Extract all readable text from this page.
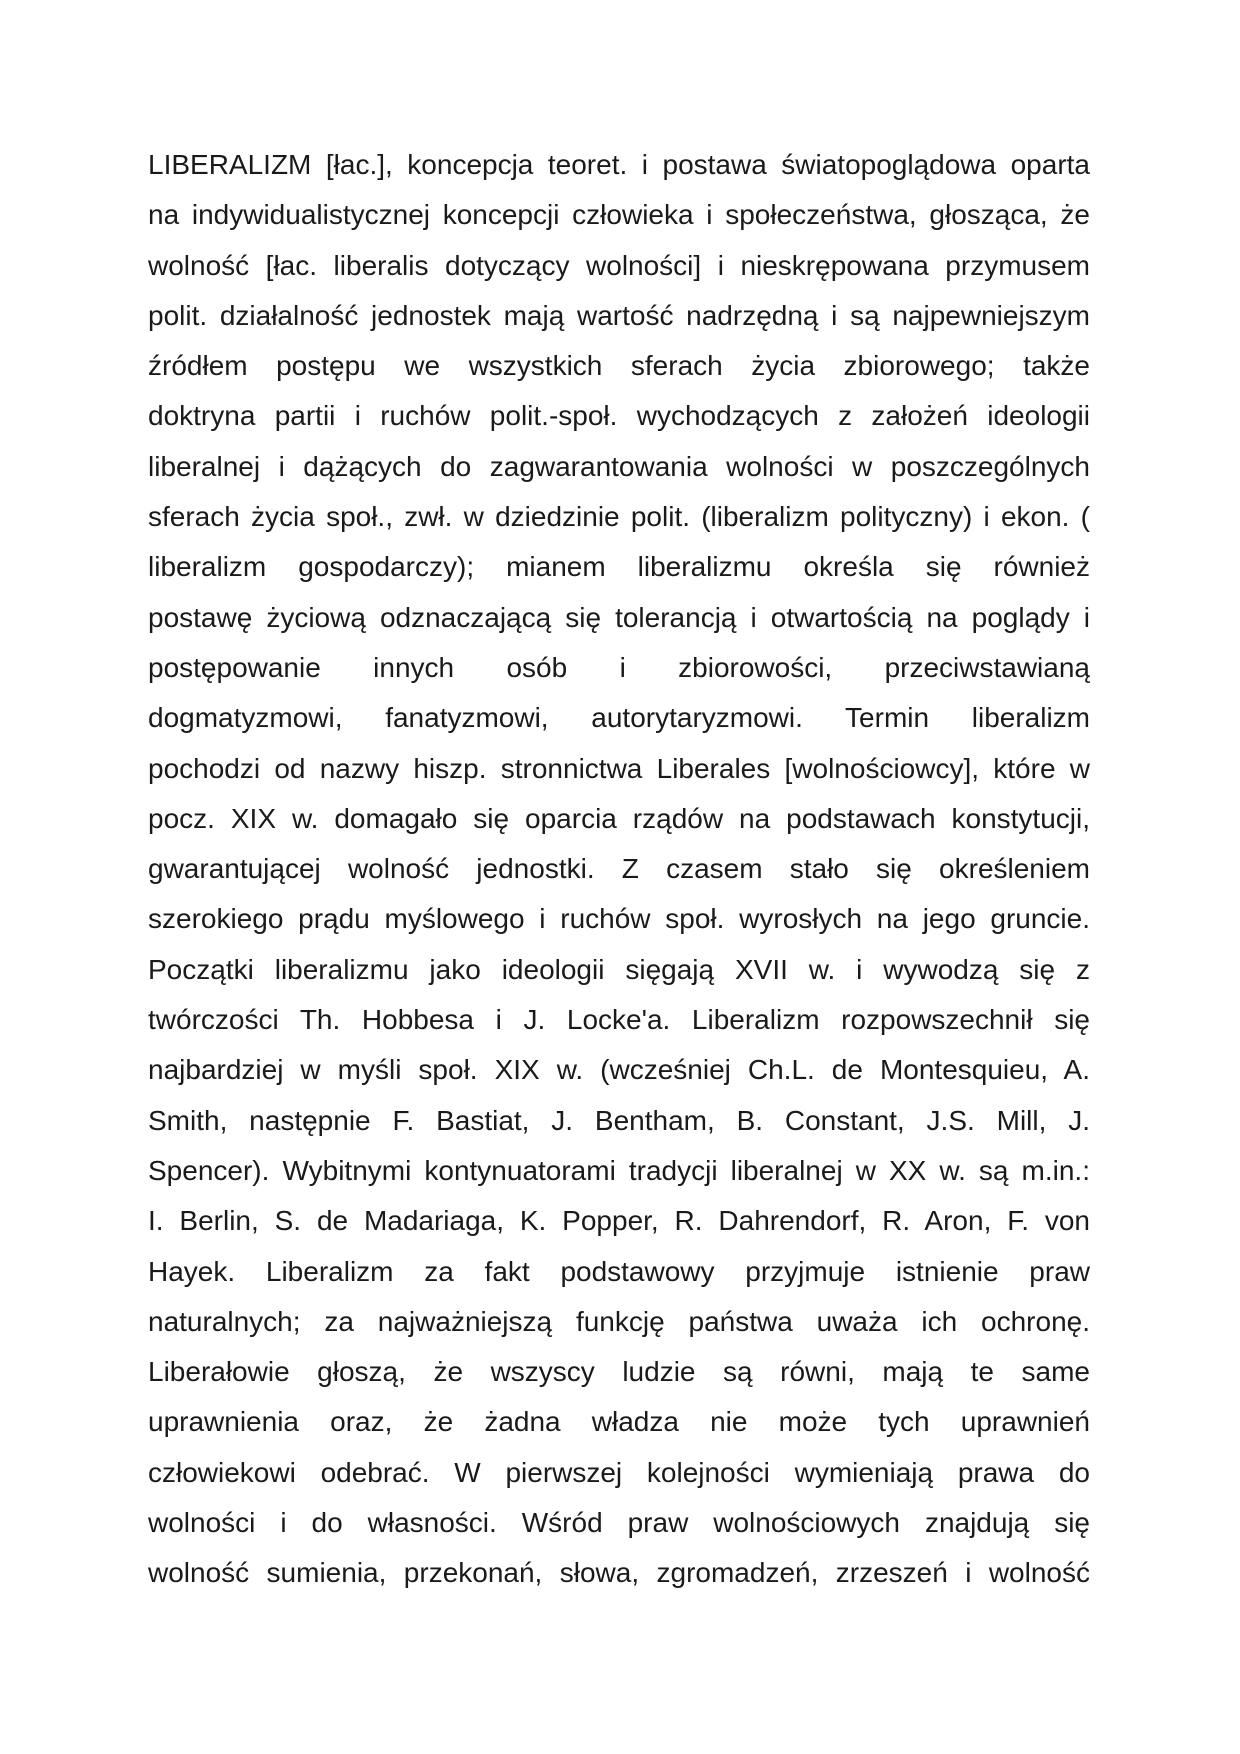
LIBERALIZM [łac.], koncepcja teoret. i postawa światopoglądowa oparta
na indywidualistycznej koncepcji człowieka i społeczeństwa, głosząca, że
wolność [łac. liberalis dotyczący wolności] i nieskrępowana przymusem
polit. działalność jednostek mają wartość nadrzędną i są najpewniejszym
źródłem postępu we wszystkich sferach życia zbiorowego; także
doktryna partii i ruchów polit.-społ. wychodzących z założeń ideologii
liberalnej i dążących do zagwarantowania wolności w poszczególnych
sferach życia społ., zwł. w dziedzinie polit. (liberalizm polityczny) i ekon. (
liberalizm gospodarczy); mianem liberalizmu określa się również
postawę życiową odznaczającą się tolerancją i otwartością na poglądy i
postępowanie innych osób i zbiorowości, przeciwstawianą
dogmatyzmowi, fanatyzmowi, autorytaryzmowi. Termin liberalizm
pochodzi od nazwy hiszp. stronnictwa Liberales [wolnościowcy], które w
pocz. XIX w. domagało się oparcia rządów na podstawach konstytucji,
gwarantującej wolność jednostki. Z czasem stało się określeniem
szerokiego prądu myślowego i ruchów społ. wyrosłych na jego gruncie.
Początki liberalizmu jako ideologii sięgają XVII w. i wywodzą się z
twórczości Th. Hobbesa i J. Locke'a. Liberalizm rozpowszechnił się
najbardziej w myśli społ. XIX w. (wcześniej Ch.L. de Montesquieu, A.
Smith, następnie F. Bastiat, J. Bentham, B. Constant, J.S. Mill, J.
Spencer). Wybitnymi kontynuatorami tradycji liberalnej w XX w. są m.in.:
I. Berlin, S. de Madariaga, K. Popper, R. Dahrendorf, R. Aron, F. von
Hayek. Liberalizm za fakt podstawowy przyjmuje istnienie praw
naturalnych; za najważniejszą funkcję państwa uważa ich ochronę.
Liberałowie głoszą, że wszyscy ludzie są równi, mają te same
uprawnienia oraz, że żadna władza nie może tych uprawnień
człowiekowi odebrać. W pierwszej kolejności wymieniają prawa do
wolności i do własności. Wśród praw wolnościowych znajdują się
wolność sumienia, przekonań, słowa, zgromadzeń, zrzeszeń i wolność
